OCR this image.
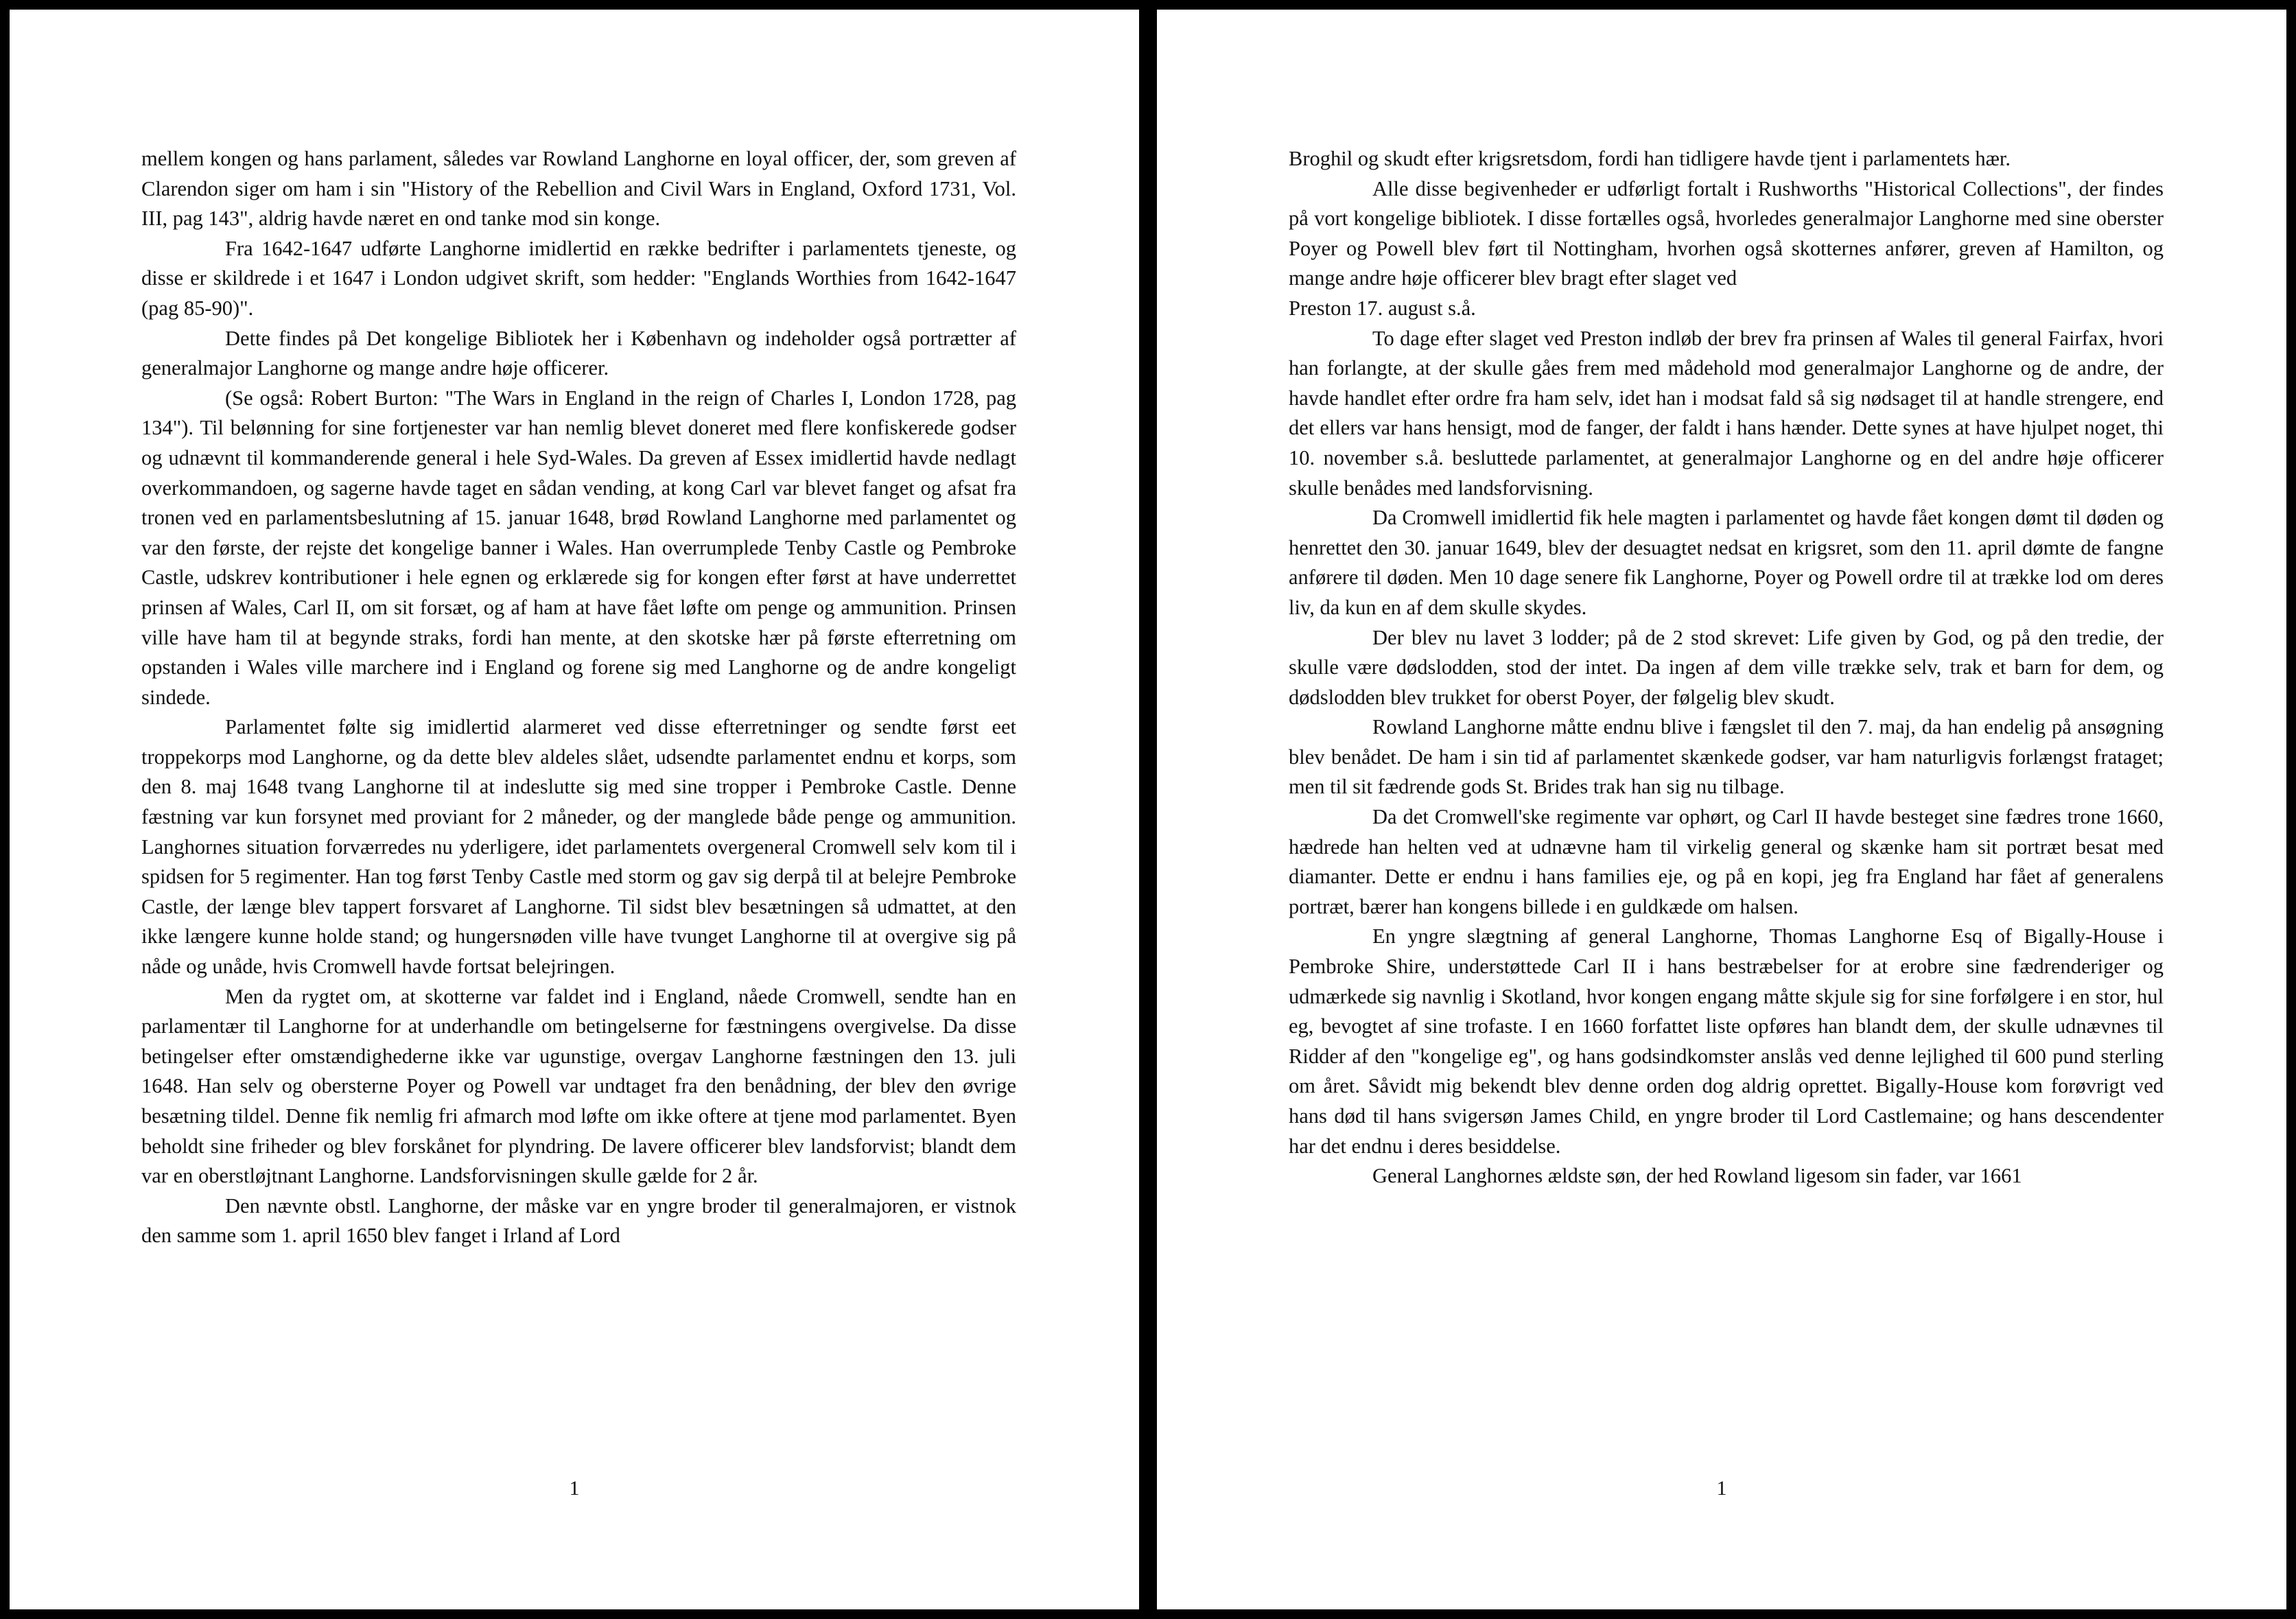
mellem kongen og hans parlament, således var Rowland Langhorne en loyal officer, der, som greven af Clarendon siger om ham i sin "History of the Rebellion and Civil Wars in England, Oxford 1731, Vol. III, pag 143", aldrig havde næret en ond tanke mod sin konge.

Fra 1642-1647 udførte Langhorne imidlertid en række bedrifter i parlamentets tjeneste, og disse er skildrede i et 1647 i London udgivet skrift, som hedder: "Englands Worthies from 1642-1647 (pag 85-90)".

Dette findes på Det kongelige Bibliotek her i København og indeholder også portrætter af generalmajor Langhorne og mange andre høje officerer.

(Se også: Robert Burton: "The Wars in England in the reign of Charles I, London 1728, pag 134"). Til belønning for sine fortjenester var han nemlig blevet doneret med flere konfiskerede godser og udnævnt til kommanderende general i hele Syd-Wales. Da greven af Essex imidlertid havde nedlagt overkommandoen, og sagerne havde taget en sådan vending, at kong Carl var blevet fanget og afsat fra tronen ved en parlamentsbeslutning af 15. januar 1648, brød Rowland Langhorne med parlamentet og var den første, der rejste det kongelige banner i Wales. Han overrumplede Tenby Castle og Pembroke Castle, udskrev kontributioner i hele egnen og erklærede sig for kongen efter først at have underrettet prinsen af Wales, Carl II, om sit forsæt, og af ham at have fået løfte om penge og ammunition. Prinsen ville have ham til at begynde straks, fordi han mente, at den skotske hær på første efterretning om opstanden i Wales ville marchere ind i England og forene sig med Langhorne og de andre kongeligt sindede.

Parlamentet følte sig imidlertid alarmeret ved disse efterretninger og sendte først eet troppekorps mod Langhorne, og da dette blev aldeles slået, udsendte parlamentet endnu et korps, som den 8. maj 1648 tvang Langhorne til at indeslutte sig med sine tropper i Pembroke Castle. Denne fæstning var kun forsynet med proviant for 2 måneder, og der manglede både penge og ammunition. Langhornes situation forværredes nu yderligere, idet parlamentets overgeneral Cromwell selv kom til i spidsen for 5 regimenter. Han tog først Tenby Castle med storm og gav sig derpå til at belejre Pembroke Castle, der længe blev tappert forsvaret af Langhorne. Til sidst blev besætningen så udmattet, at den ikke længere kunne holde stand; og hungersnøden ville have tvunget Langhorne til at overgive sig på nåde og unåde, hvis Cromwell havde fortsat belejringen.

Men da rygtet om, at skotterne var faldet ind i England, nåede Cromwell, sendte han en parlamentær til Langhorne for at underhandle om betingelserne for fæstningens overgivelse. Da disse betingelser efter omstændighederne ikke var ugunstige, overgav Langhorne fæstningen den 13. juli 1648. Han selv og obersterne Poyer og Powell var undtaget fra den benådning, der blev den øvrige besætning tildel. Denne fik nemlig fri afmarch mod løfte om ikke oftere at tjene mod parlamentet. Byen beholdt sine friheder og blev forskånet for plyndring. De lavere officerer blev landsforvist; blandt dem var en oberstløjtnant Langhorne. Landsforvisningen skulle gælde for 2 år.

Den nævnte obstl. Langhorne, der måske var en yngre broder til generalmajoren, er vistnok den samme som 1. april 1650 blev fanget i Irland af Lord

1

Broghil og skudt efter krigsretsdom, fordi han tidligere havde tjent i parlamentets hær.

Alle disse begivenheder er udførligt fortalt i Rushworths "Historical Collections", der findes på vort kongelige bibliotek. I disse fortælles også, hvorledes generalmajor Langhorne med sine oberster Poyer og Powell blev ført til Nottingham, hvorhen også skotternes anfører, greven af Hamilton, og mange andre høje officerer blev bragt efter slaget ved

Preston 17. august s.å.

To dage efter slaget ved Preston indløb der brev fra prinsen af Wales til general Fairfax, hvori han forlangte, at der skulle gåes frem med mådehold mod generalmajor Langhorne og de andre, der havde handlet efter ordre fra ham selv, idet han i modsat fald så sig nødsaget til at handle strengere, end det ellers var hans hensigt, mod de fanger, der faldt i hans hænder. Dette synes at have hjulpet noget, thi 10. november s.å. besluttede parlamentet, at generalmajor Langhorne og en del andre høje officerer skulle benådes med landsforvisning.

Da Cromwell imidlertid fik hele magten i parlamentet og havde fået kongen dømt til døden og henrettet den 30. januar 1649, blev der desuagtet nedsat en krigsret, som den 11. april dømte de fangne anførere til døden. Men 10 dage senere fik Langhorne, Poyer og Powell ordre til at trække lod om deres liv, da kun en af dem skulle skydes.

Der blev nu lavet 3 lodder; på de 2 stod skrevet: Life given by God, og på den tredie, der skulle være dødslodden, stod der intet. Da ingen af dem ville trække selv, trak et barn for dem, og dødslodden blev trukket for oberst Poyer, der følgelig blev skudt.

Rowland Langhorne måtte endnu blive i fængslet til den 7. maj, da han endelig på ansøgning blev benådet. De ham i sin tid af parlamentet skænkede godser, var ham naturligvis forlængst frataget; men til sit fædrende gods St. Brides trak han sig nu tilbage.

Da det Cromwell'ske regimente var ophørt, og Carl II havde besteget sine fædres trone 1660, hædrede han helten ved at udnævne ham til virkelig general og skænke ham sit portræt besat med diamanter. Dette er endnu i hans families eje, og på en kopi, jeg fra England har fået af generalens portræt, bærer han kongens billede i en guldkæde om halsen.

En yngre slægtning af general Langhorne, Thomas Langhorne Esq of Bigally-House i Pembroke Shire, understøttede Carl II i hans bestræbelser for at erobre sine fædrenderiger og udmærkede sig navnlig i Skotland, hvor kongen engang måtte skjule sig for sine forfølgere i en stor, hul eg, bevogtet af sine trofaste. I en 1660 forfattet liste opføres han blandt dem, der skulle udnævnes til Ridder af den "kongelige eg", og hans godsindkomster anslås ved denne lejlighed til 600 pund sterling om året. Såvidt mig bekendt blev denne orden dog aldrig oprettet. Bigally-House kom forøvrigt ved hans død til hans svigersøn James Child, en yngre broder til Lord Castlemaine; og hans descendenter har det endnu i deres besiddelse.

General Langhornes ældste søn, der hed Rowland ligesom sin fader, var 1661

1
